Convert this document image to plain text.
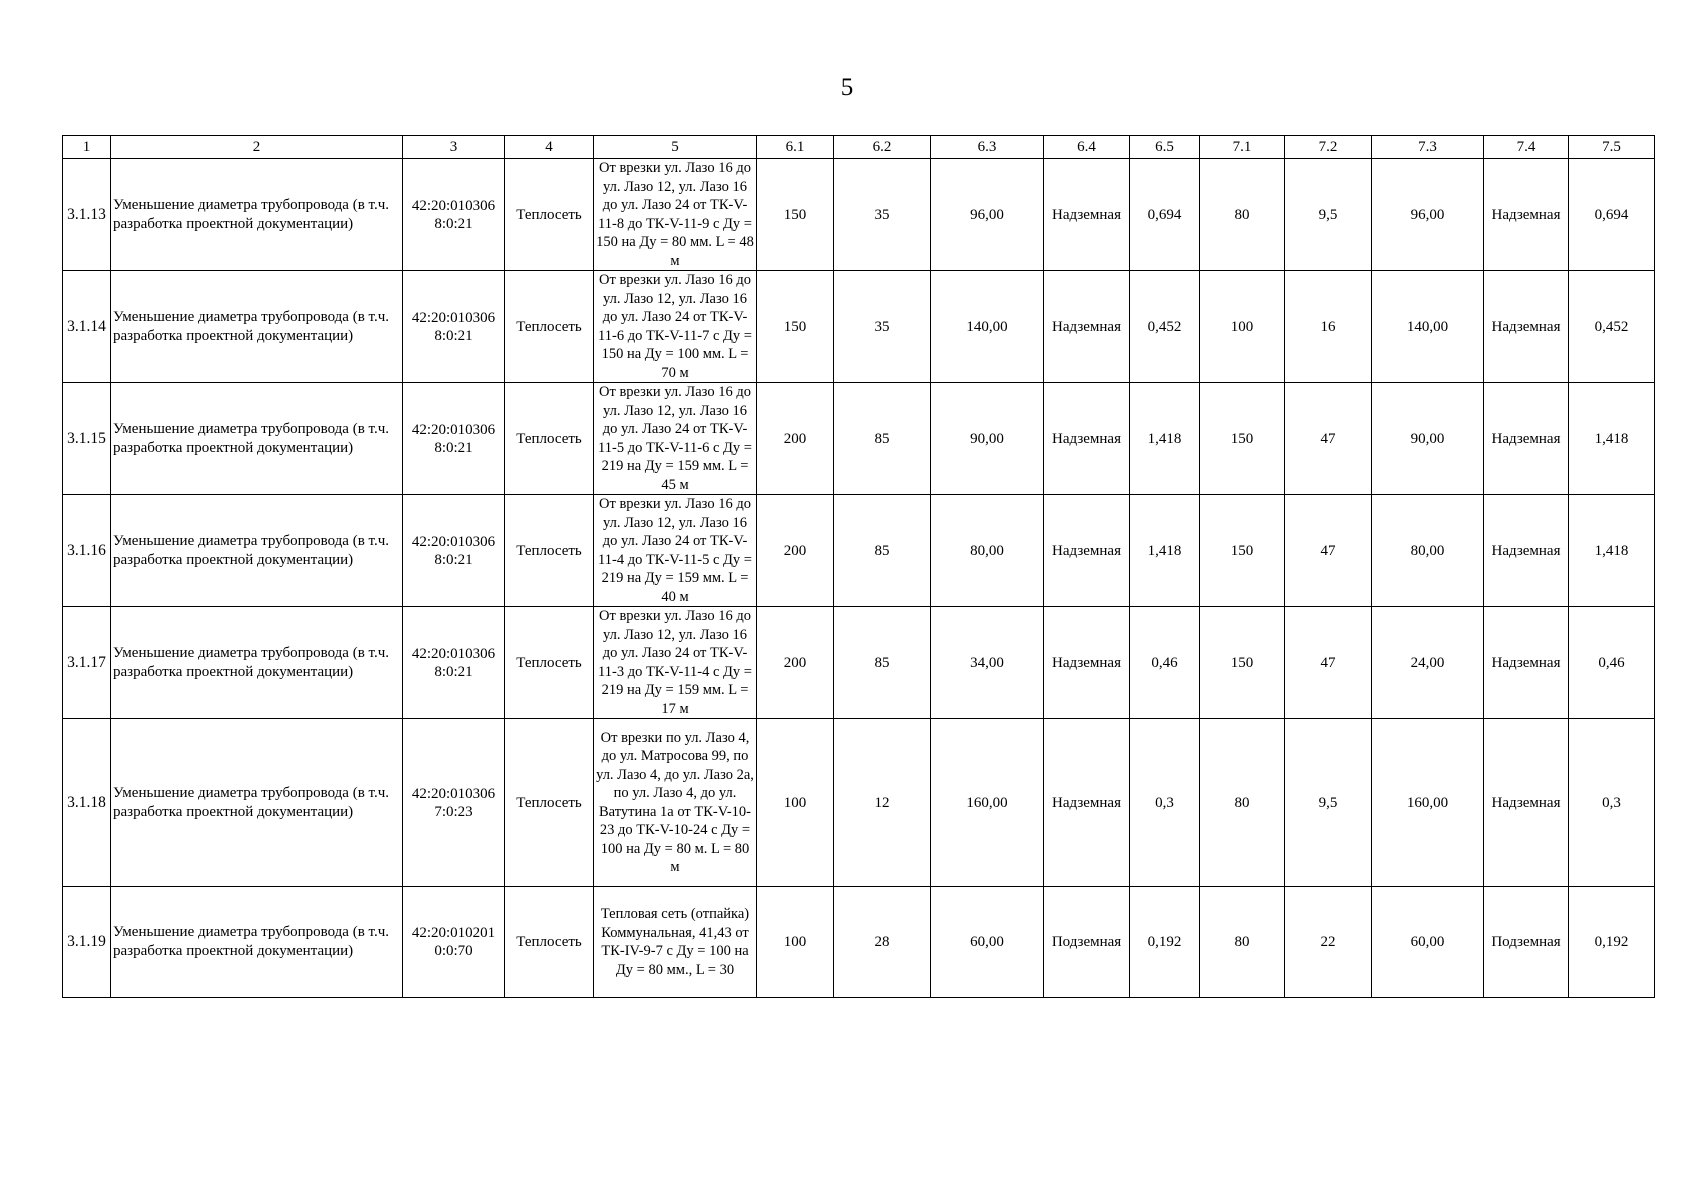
5
1	2	3	4	5	6.1	6.2	6.3	6.4	6.5	7.1	7.2	7.3	7.4	7.5
3.1.13	Уменьшение диаметра трубопровода (в т.ч. разработка проектной документации)	42:20:010306 8:0:21	Теплосеть	От врезки ул. Лазо 16 до ул. Лазо 12, ул. Лазо 16 до ул. Лазо 24 от ТК-V-11-8 до ТК-V-11-9 с Ду = 150 на Ду = 80 мм. L = 48 м	150	35	96,00	Надземная	0,694	80	9,5	96,00	Надземная	0,694
3.1.14	Уменьшение диаметра трубопровода (в т.ч. разработка проектной документации)	42:20:010306 8:0:21	Теплосеть	От врезки ул. Лазо 16 до ул. Лазо 12, ул. Лазо 16 до ул. Лазо 24 от ТК-V-11-6 до ТК-V-11-7 с Ду = 150 на Ду = 100 мм. L = 70 м	150	35	140,00	Надземная	0,452	100	16	140,00	Надземная	0,452
3.1.15	Уменьшение диаметра трубопровода (в т.ч. разработка проектной документации)	42:20:010306 8:0:21	Теплосеть	От врезки ул. Лазо 16 до ул. Лазо 12, ул. Лазо 16 до ул. Лазо 24 от ТК-V-11-5 до ТК-V-11-6 с Ду = 219 на Ду = 159 мм. L = 45 м	200	85	90,00	Надземная	1,418	150	47	90,00	Надземная	1,418
3.1.16	Уменьшение диаметра трубопровода (в т.ч. разработка проектной документации)	42:20:010306 8:0:21	Теплосеть	От врезки ул. Лазо 16 до ул. Лазо 12, ул. Лазо 16 до ул. Лазо 24 от ТК-V-11-4 до ТК-V-11-5 с Ду = 219 на Ду = 159 мм. L = 40 м	200	85	80,00	Надземная	1,418	150	47	80,00	Надземная	1,418
3.1.17	Уменьшение диаметра трубопровода (в т.ч. разработка проектной документации)	42:20:010306 8:0:21	Теплосеть	От врезки ул. Лазо 16 до ул. Лазо 12, ул. Лазо 16 до ул. Лазо 24 от ТК-V-11-3 до ТК-V-11-4 с Ду = 219 на Ду = 159 мм. L = 17 м	200	85	34,00	Надземная	0,46	150	47	24,00	Надземная	0,46
3.1.18	Уменьшение диаметра трубопровода (в т.ч. разработка проектной документации)	42:20:010306 7:0:23	Теплосеть	От врезки по ул. Лазо 4, до ул. Матросова 99, по ул. Лазо 4, до ул. Лазо 2а, по ул. Лазо 4, до ул. Ватутина 1а от ТК-V-10-23 до ТК-V-10-24 с Ду = 100 на Ду = 80 м. L = 80 м	100	12	160,00	Надземная	0,3	80	9,5	160,00	Надземная	0,3
3.1.19	Уменьшение диаметра трубопровода (в т.ч. разработка проектной документации)	42:20:010201 0:0:70	Теплосеть	Тепловая сеть (отпайка) Коммунальная, 41,43 от ТК-IV-9-7 с Ду = 100 на Ду = 80 мм., L = 30	100	28	60,00	Подземная	0,192	80	22	60,00	Подземная	0,192
